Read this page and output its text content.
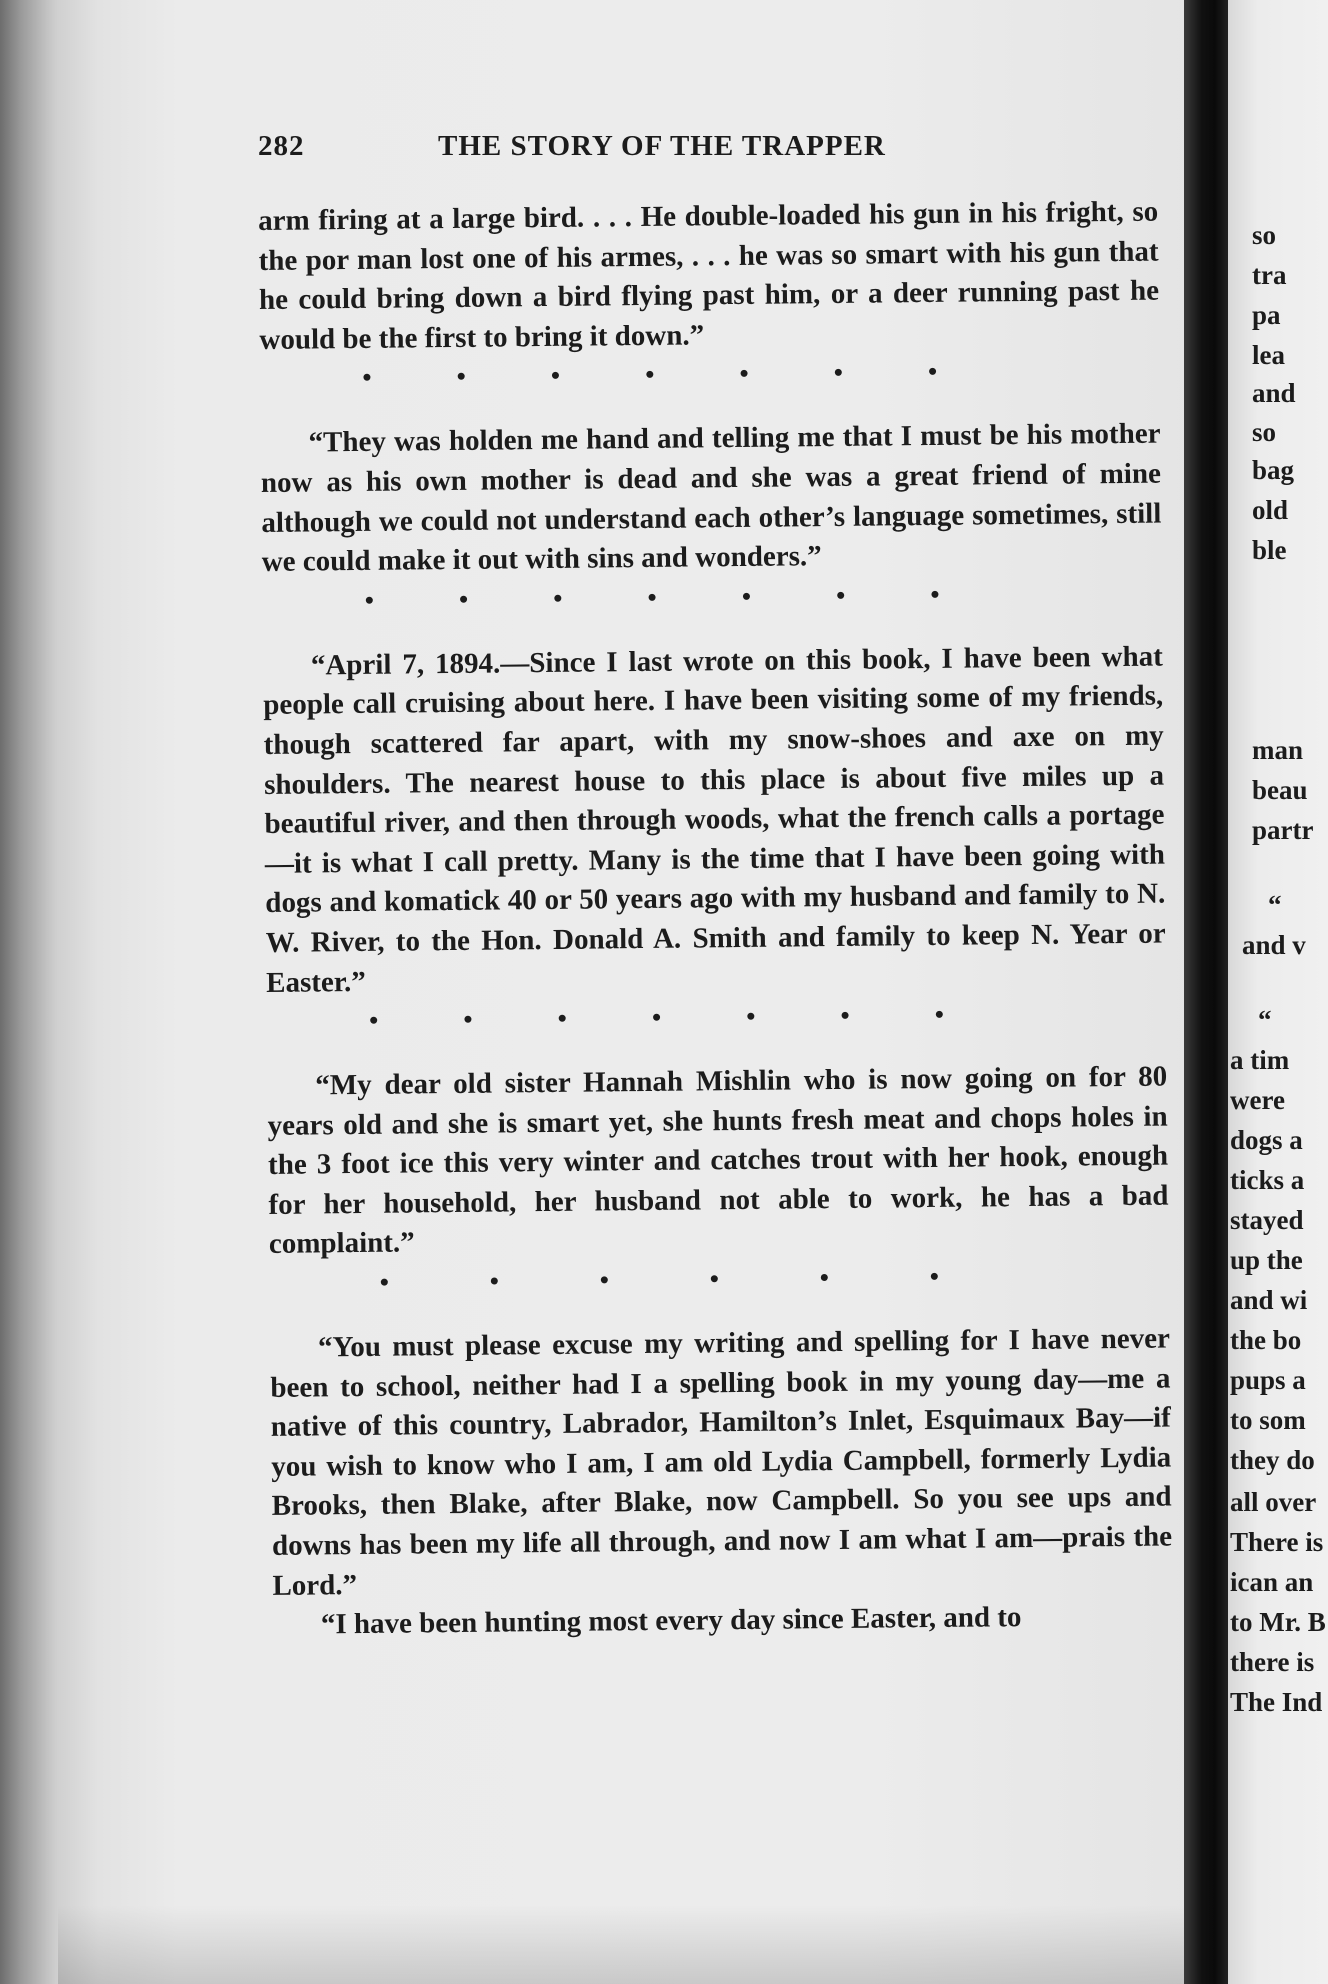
282	THE STORY OF THE TRAPPER

arm firing at a large bird. . . . He double-loaded his gun in his fright, so the por man lost one of his armes, . . . he was so smart with his gun that he could bring down a bird flying past him, or a deer running past he would be the first to bring it down.”

•	•	•	•	•	•	•

“They was holden me hand and telling me that I must be his mother now as his own mother is dead and she was a great friend of mine although we could not understand each other’s language sometimes, still we could make it out with sins and wonders.”

•	•	•	•	•	•	•

“April 7, 1894.—Since I last wrote on this book, I have been what people call cruising about here. I have been visiting some of my friends, though scattered far apart, with my snow-shoes and axe on my shoulders. The nearest house to this place is about five miles up a beautiful river, and then through woods, what the french calls a portage—it is what I call pretty. Many is the time that I have been going with dogs and komatick 40 or 50 years ago with my husband and family to N. W. River, to the Hon. Donald A. Smith and family to keep N. Year or Easter.”

•	•	•	•	•	•	•

“My dear old sister Hannah Mishlin who is now going on for 80 years old and she is smart yet, she hunts fresh meat and chops holes in the 3 foot ice this very winter and catches trout with her hook, enough for her household, her husband not able to work, he has a bad complaint.”

•	•	•	•	•	•

“You must please excuse my writing and spelling for I have never been to school, neither had I a spelling book in my young day—me a native of this country, Labrador, Hamilton’s Inlet, Esquimaux Bay—if you wish to know who I am, I am old Lydia Campbell, formerly Lydia Brooks, then Blake, after Blake, now Campbell. So you see ups and downs has been my life all through, and now I am what I am—prais the Lord.”

“I have been hunting most every day since Easter, and to

so
tra
pa
lea
and
so
bag
old
ble
man
beau
partr
“
and v
“
a tim
were
dogs a
ticks a
stayed
up the
and wi
the bo
pups a
to som
they do
all over
There is
ican an
to Mr. B
there is
The Ind
